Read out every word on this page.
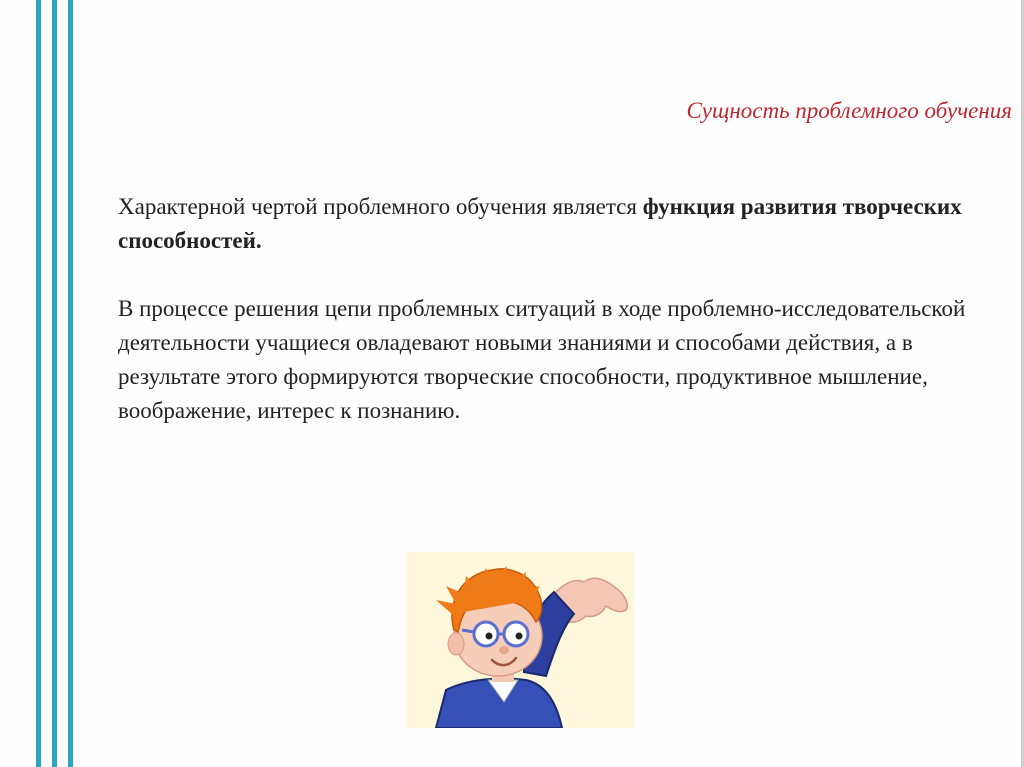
Сущность проблемного обучения

Характерной чертой проблемного обучения является функция развития творческих способностей.

В процессе решения цепи проблемных ситуаций в ходе проблемно-исследовательской деятельности учащиеся овладевают новыми знаниями и способами действия, а в результате этого формируются творческие способности, продуктивное мышление, воображение, интерес к познанию.
